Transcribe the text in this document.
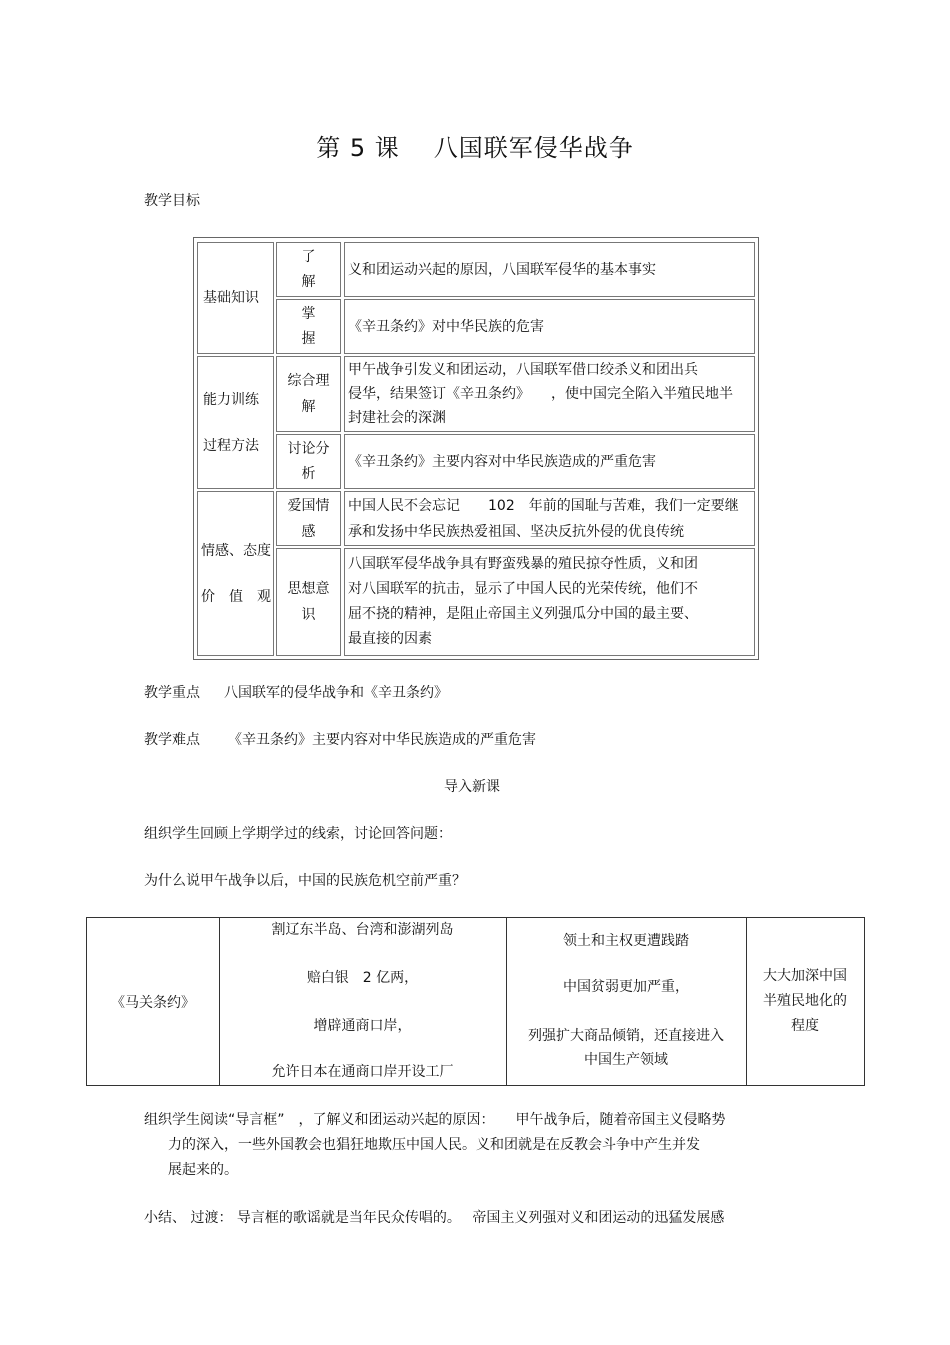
第 5 课 八国联军侵华战争
教学目标
基础知识
了
解
义和团运动兴起的原因，八国联军侵华的基本事实
掌
握
《辛丑条约》对中华民族的危害
能力训练
过程方法
综合理
解
甲午战争引发义和团运动，八国联军借口绞杀义和团出兵
侵华，结果签订《辛丑条约》　　，使中国完全陷入半殖民地半
封建社会的深渊
讨论分
析
《辛丑条约》主要内容对中华民族造成的严重危害
情感、态度
价　值　观
爱国情
感
中国人民不会忘记　　102　年前的国耻与苦难，我们一定要继
承和发扬中华民族热爱祖国、坚决反抗外侵的优良传统
思想意
识
八国联军侵华战争具有野蛮残暴的殖民掠夺性质，义和团
对八国联军的抗击，显示了中国人民的光荣传统，他们不
屈不挠的精神，是阻止帝国主义列强瓜分中国的最主要、
最直接的因素
教学重点 八国联军的侵华战争和《辛丑条约》
教学难点 《辛丑条约》主要内容对中华民族造成的严重危害
导入新课
组织学生回顾上学期学过的线索，讨论回答问题：
为什么说甲午战争以后，中国的民族危机空前严重？
《马关条约》
割辽东半岛、台湾和澎湖列岛
赔白银　2 亿两，
增辟通商口岸，
允许日本在通商口岸开设工厂
领土和主权更遭践踏
中国贫弱更加严重，
列强扩大商品倾销，还直接进入
中国生产领域
大大加深中国
半殖民地化的
程度
组织学生阅读“导言框”　，了解义和团运动兴起的原因：　　甲午战争后，随着帝国主义侵略势
力的深入，一些外国教会也猖狂地欺压中国人民。义和团就是在反教会斗争中产生并发
展起来的。
小结、 过渡： 导言框的歌谣就是当年民众传唱的。　 帝国主义列强对义和团运动的迅猛发展感
